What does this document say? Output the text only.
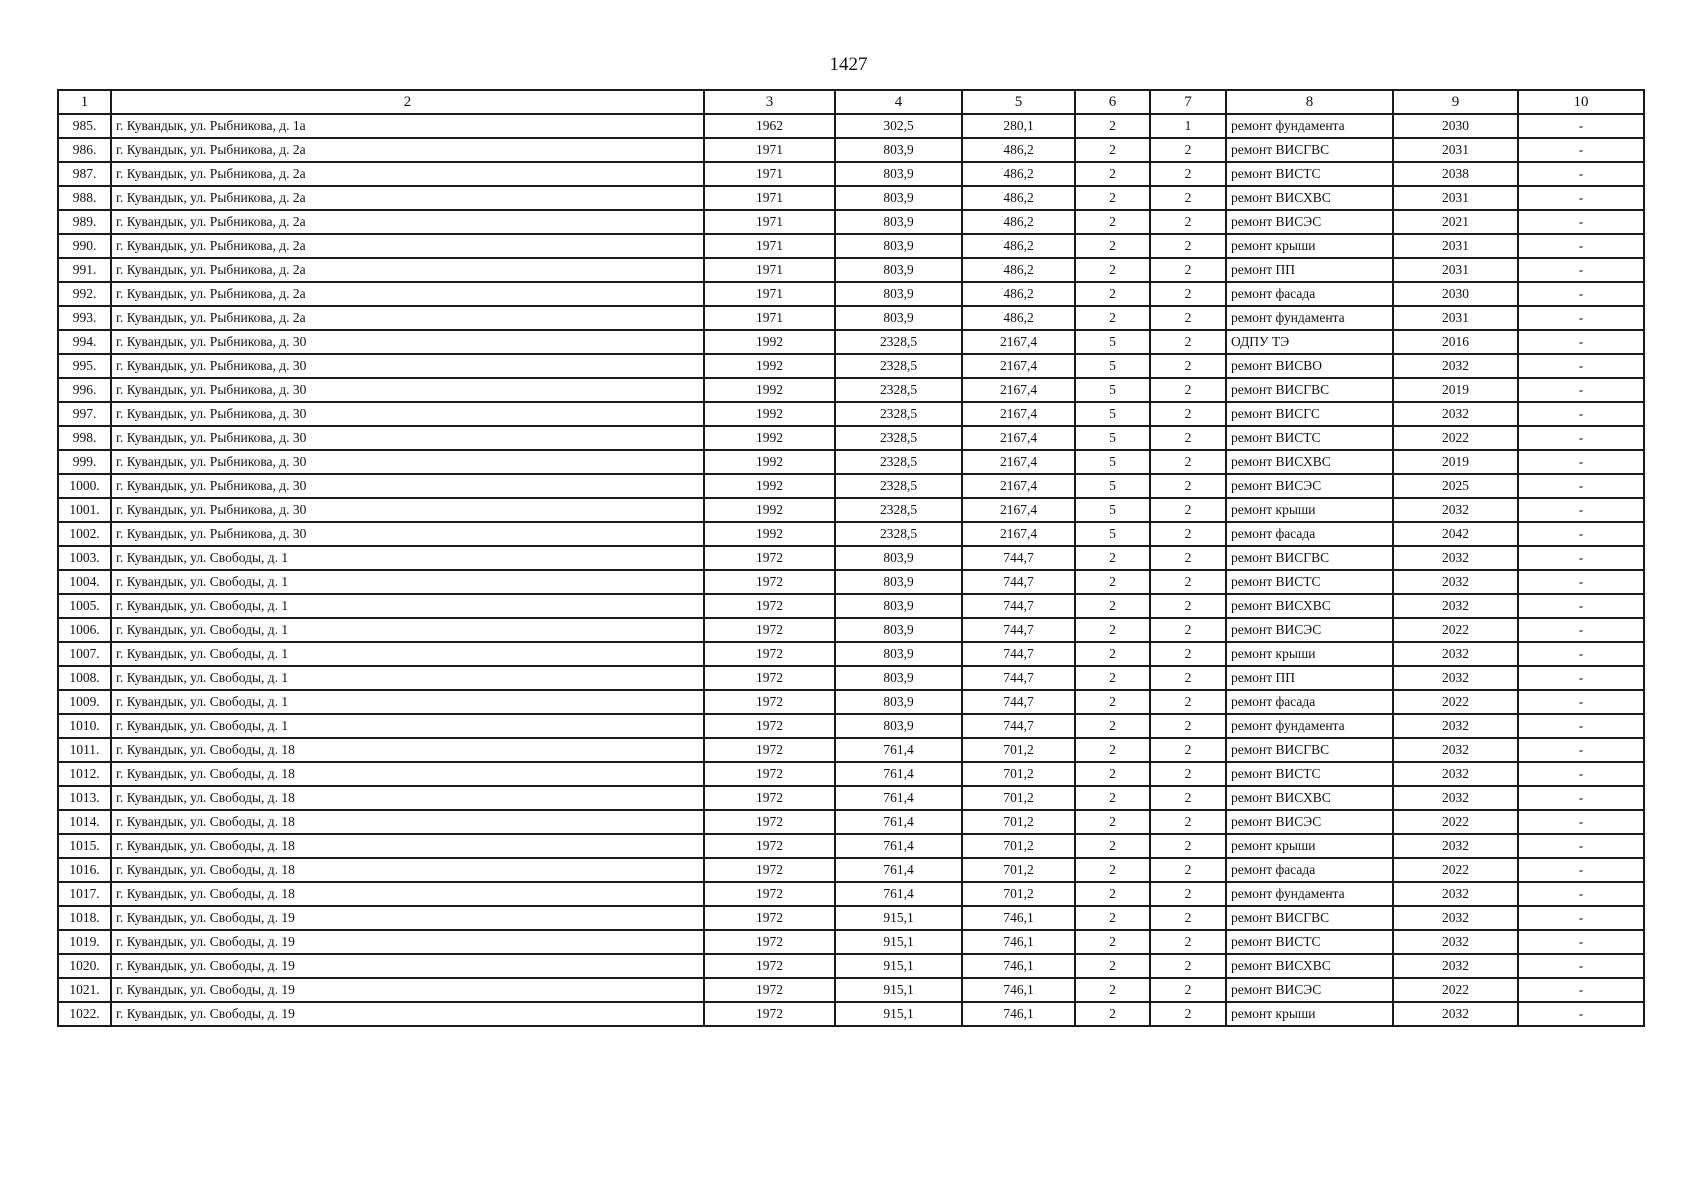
1427
1	2	3	4	5	6	7	8	9	10
985.	г. Кувандык, ул. Рыбникова, д. 1а	1962	302,5	280,1	2	1	ремонт фундамента	2030	-
986.	г. Кувандык, ул. Рыбникова, д. 2а	1971	803,9	486,2	2	2	ремонт ВИСГВС	2031	-
987.	г. Кувандык, ул. Рыбникова, д. 2а	1971	803,9	486,2	2	2	ремонт ВИСТС	2038	-
988.	г. Кувандык, ул. Рыбникова, д. 2а	1971	803,9	486,2	2	2	ремонт ВИСХВС	2031	-
989.	г. Кувандык, ул. Рыбникова, д. 2а	1971	803,9	486,2	2	2	ремонт ВИСЭС	2021	-
990.	г. Кувандык, ул. Рыбникова, д. 2а	1971	803,9	486,2	2	2	ремонт крыши	2031	-
991.	г. Кувандык, ул. Рыбникова, д. 2а	1971	803,9	486,2	2	2	ремонт ПП	2031	-
992.	г. Кувандык, ул. Рыбникова, д. 2а	1971	803,9	486,2	2	2	ремонт фасада	2030	-
993.	г. Кувандык, ул. Рыбникова, д. 2а	1971	803,9	486,2	2	2	ремонт фундамента	2031	-
994.	г. Кувандык, ул. Рыбникова, д. 30	1992	2328,5	2167,4	5	2	ОДПУ ТЭ	2016	-
995.	г. Кувандык, ул. Рыбникова, д. 30	1992	2328,5	2167,4	5	2	ремонт ВИСВО	2032	-
996.	г. Кувандык, ул. Рыбникова, д. 30	1992	2328,5	2167,4	5	2	ремонт ВИСГВС	2019	-
997.	г. Кувандык, ул. Рыбникова, д. 30	1992	2328,5	2167,4	5	2	ремонт ВИСГС	2032	-
998.	г. Кувандык, ул. Рыбникова, д. 30	1992	2328,5	2167,4	5	2	ремонт ВИСТС	2022	-
999.	г. Кувандык, ул. Рыбникова, д. 30	1992	2328,5	2167,4	5	2	ремонт ВИСХВС	2019	-
1000.	г. Кувандык, ул. Рыбникова, д. 30	1992	2328,5	2167,4	5	2	ремонт ВИСЭС	2025	-
1001.	г. Кувандык, ул. Рыбникова, д. 30	1992	2328,5	2167,4	5	2	ремонт крыши	2032	-
1002.	г. Кувандык, ул. Рыбникова, д. 30	1992	2328,5	2167,4	5	2	ремонт фасада	2042	-
1003.	г. Кувандык, ул. Свободы, д. 1	1972	803,9	744,7	2	2	ремонт ВИСГВС	2032	-
1004.	г. Кувандык, ул. Свободы, д. 1	1972	803,9	744,7	2	2	ремонт ВИСТС	2032	-
1005.	г. Кувандык, ул. Свободы, д. 1	1972	803,9	744,7	2	2	ремонт ВИСХВС	2032	-
1006.	г. Кувандык, ул. Свободы, д. 1	1972	803,9	744,7	2	2	ремонт ВИСЭС	2022	-
1007.	г. Кувандык, ул. Свободы, д. 1	1972	803,9	744,7	2	2	ремонт крыши	2032	-
1008.	г. Кувандык, ул. Свободы, д. 1	1972	803,9	744,7	2	2	ремонт ПП	2032	-
1009.	г. Кувандык, ул. Свободы, д. 1	1972	803,9	744,7	2	2	ремонт фасада	2022	-
1010.	г. Кувандык, ул. Свободы, д. 1	1972	803,9	744,7	2	2	ремонт фундамента	2032	-
1011.	г. Кувандык, ул. Свободы, д. 18	1972	761,4	701,2	2	2	ремонт ВИСГВС	2032	-
1012.	г. Кувандык, ул. Свободы, д. 18	1972	761,4	701,2	2	2	ремонт ВИСТС	2032	-
1013.	г. Кувандык, ул. Свободы, д. 18	1972	761,4	701,2	2	2	ремонт ВИСХВС	2032	-
1014.	г. Кувандык, ул. Свободы, д. 18	1972	761,4	701,2	2	2	ремонт ВИСЭС	2022	-
1015.	г. Кувандык, ул. Свободы, д. 18	1972	761,4	701,2	2	2	ремонт крыши	2032	-
1016.	г. Кувандык, ул. Свободы, д. 18	1972	761,4	701,2	2	2	ремонт фасада	2022	-
1017.	г. Кувандык, ул. Свободы, д. 18	1972	761,4	701,2	2	2	ремонт фундамента	2032	-
1018.	г. Кувандык, ул. Свободы, д. 19	1972	915,1	746,1	2	2	ремонт ВИСГВС	2032	-
1019.	г. Кувандык, ул. Свободы, д. 19	1972	915,1	746,1	2	2	ремонт ВИСТС	2032	-
1020.	г. Кувандык, ул. Свободы, д. 19	1972	915,1	746,1	2	2	ремонт ВИСХВС	2032	-
1021.	г. Кувандык, ул. Свободы, д. 19	1972	915,1	746,1	2	2	ремонт ВИСЭС	2022	-
1022.	г. Кувандык, ул. Свободы, д. 19	1972	915,1	746,1	2	2	ремонт крыши	2032	-
